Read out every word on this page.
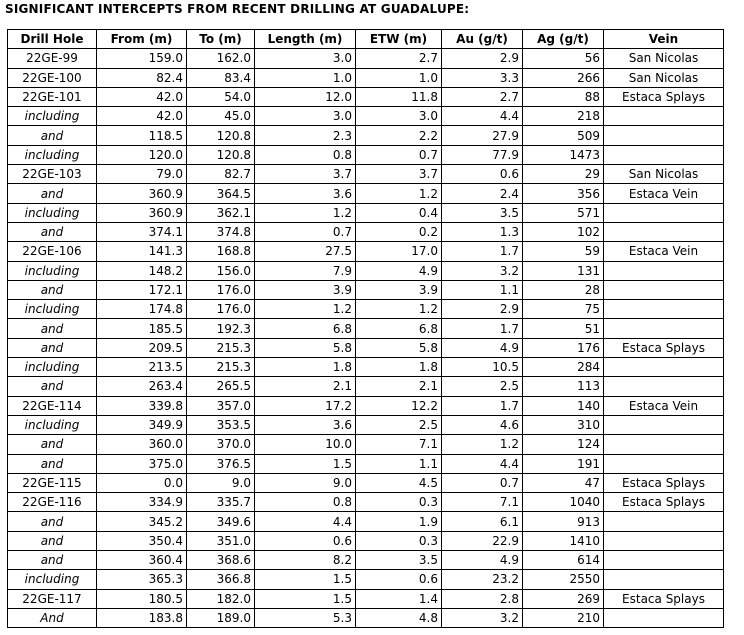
SIGNIFICANT INTERCEPTS FROM RECENT DRILLING AT GUADALUPE:
Drill Hole	From (m)	To (m)	Length (m)	ETW (m)	Au (g/t)	Ag (g/t)	Vein
22GE-99	159.0	162.0	3.0	2.7	2.9	56	San Nicolas
22GE-100	82.4	83.4	1.0	1.0	3.3	266	San Nicolas
22GE-101	42.0	54.0	12.0	11.8	2.7	88	Estaca Splays
including	42.0	45.0	3.0	3.0	4.4	218	
and	118.5	120.8	2.3	2.2	27.9	509	
including	120.0	120.8	0.8	0.7	77.9	1473	
22GE-103	79.0	82.7	3.7	3.7	0.6	29	San Nicolas
and	360.9	364.5	3.6	1.2	2.4	356	Estaca Vein
including	360.9	362.1	1.2	0.4	3.5	571	
and	374.1	374.8	0.7	0.2	1.3	102	
22GE-106	141.3	168.8	27.5	17.0	1.7	59	Estaca Vein
including	148.2	156.0	7.9	4.9	3.2	131	
and	172.1	176.0	3.9	3.9	1.1	28	
including	174.8	176.0	1.2	1.2	2.9	75	
and	185.5	192.3	6.8	6.8	1.7	51	
and	209.5	215.3	5.8	5.8	4.9	176	Estaca Splays
including	213.5	215.3	1.8	1.8	10.5	284	
and	263.4	265.5	2.1	2.1	2.5	113	
22GE-114	339.8	357.0	17.2	12.2	1.7	140	Estaca Vein
including	349.9	353.5	3.6	2.5	4.6	310	
and	360.0	370.0	10.0	7.1	1.2	124	
and	375.0	376.5	1.5	1.1	4.4	191	
22GE-115	0.0	9.0	9.0	4.5	0.7	47	Estaca Splays
22GE-116	334.9	335.7	0.8	0.3	7.1	1040	Estaca Splays
and	345.2	349.6	4.4	1.9	6.1	913	
and	350.4	351.0	0.6	0.3	22.9	1410	
and	360.4	368.6	8.2	3.5	4.9	614	
including	365.3	366.8	1.5	0.6	23.2	2550	
22GE-117	180.5	182.0	1.5	1.4	2.8	269	Estaca Splays
And	183.8	189.0	5.3	4.8	3.2	210	
